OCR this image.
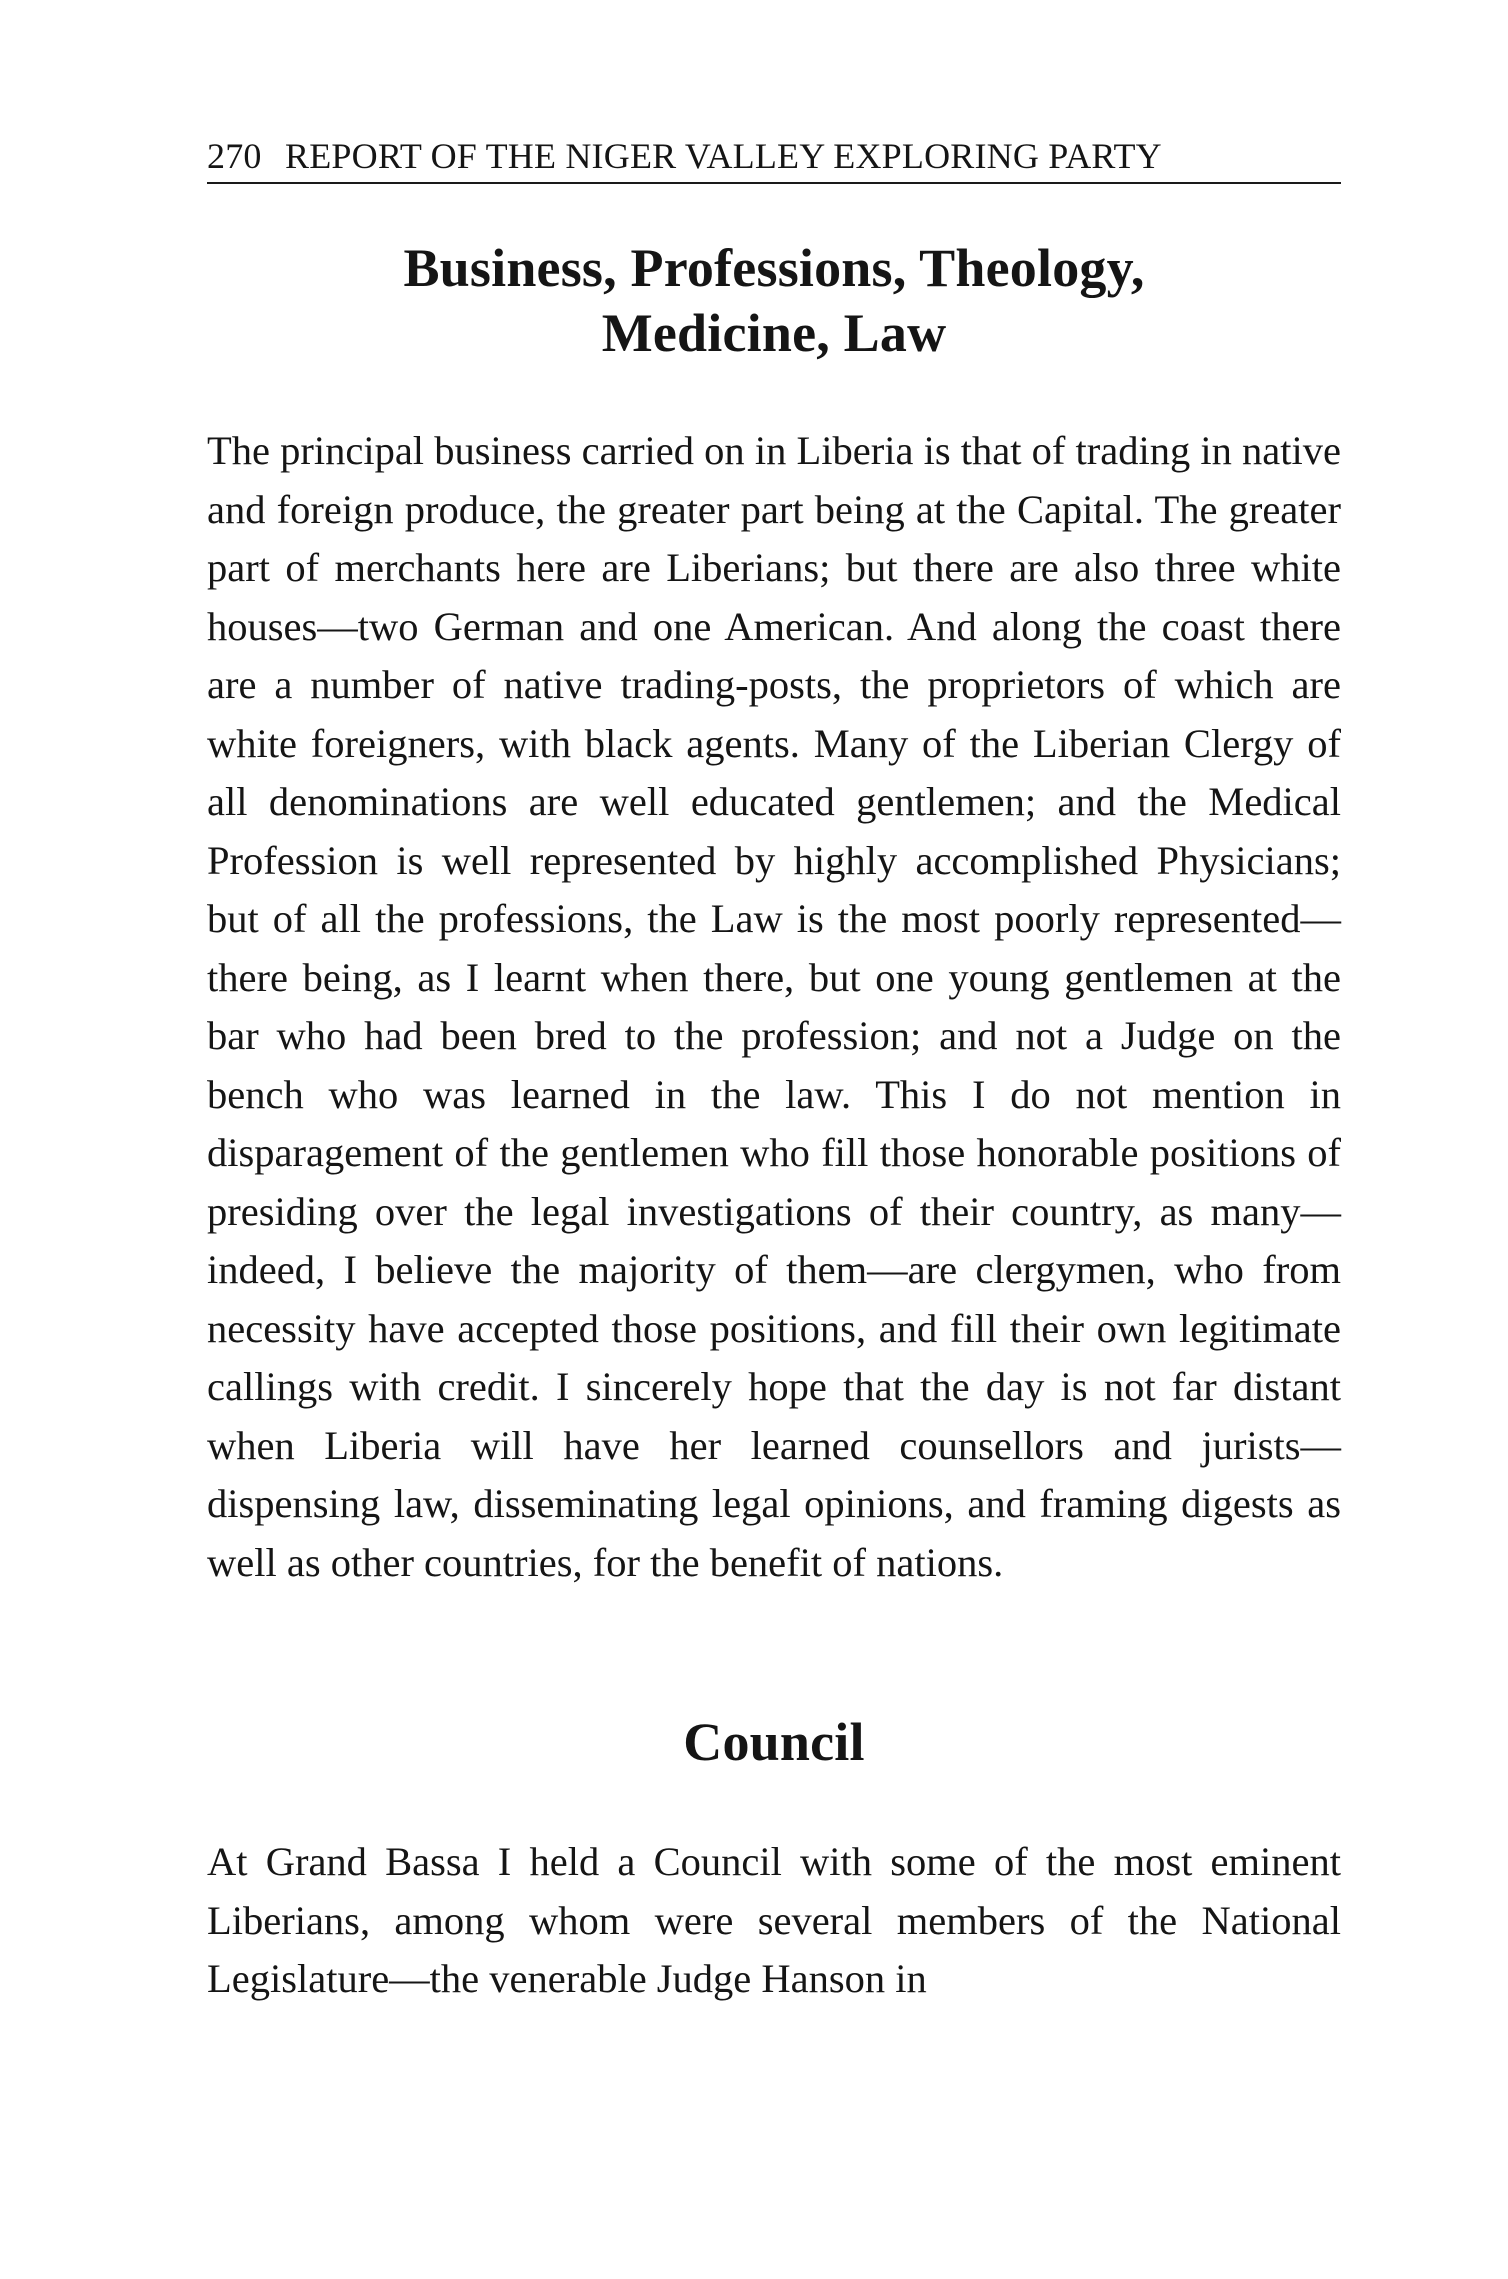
270 REPORT OF THE NIGER VALLEY EXPLORING PARTY
Business, Professions, Theology,
Medicine, Law

The principal business carried on in Liberia is that of trading in native and foreign produce, the greater part being at the Capital. The greater part of merchants here are Liberians; but there are also three white houses—two German and one American. And along the coast there are a number of native trading-posts, the proprietors of which are white foreigners, with black agents. Many of the Liberian Clergy of all denominations are well educated gentlemen; and the Medical Profession is well represented by highly accomplished Physicians; but of all the professions, the Law is the most poorly represented—there being, as I learnt when there, but one young gentlemen at the bar who had been bred to the profession; and not a Judge on the bench who was learned in the law. This I do not mention in disparagement of the gentlemen who fill those honorable positions of presiding over the legal investigations of their country, as many—indeed, I believe the majority of them—are clergymen, who from necessity have accepted those positions, and fill their own legitimate callings with credit. I sincerely hope that the day is not far distant when Liberia will have her learned counsellors and jurists—dispensing law, disseminating legal opinions, and framing digests as well as other countries, for the benefit of nations.

Council

At Grand Bassa I held a Council with some of the most eminent Liberians, among whom were several members of the National Legislature—the venerable Judge Hanson in
